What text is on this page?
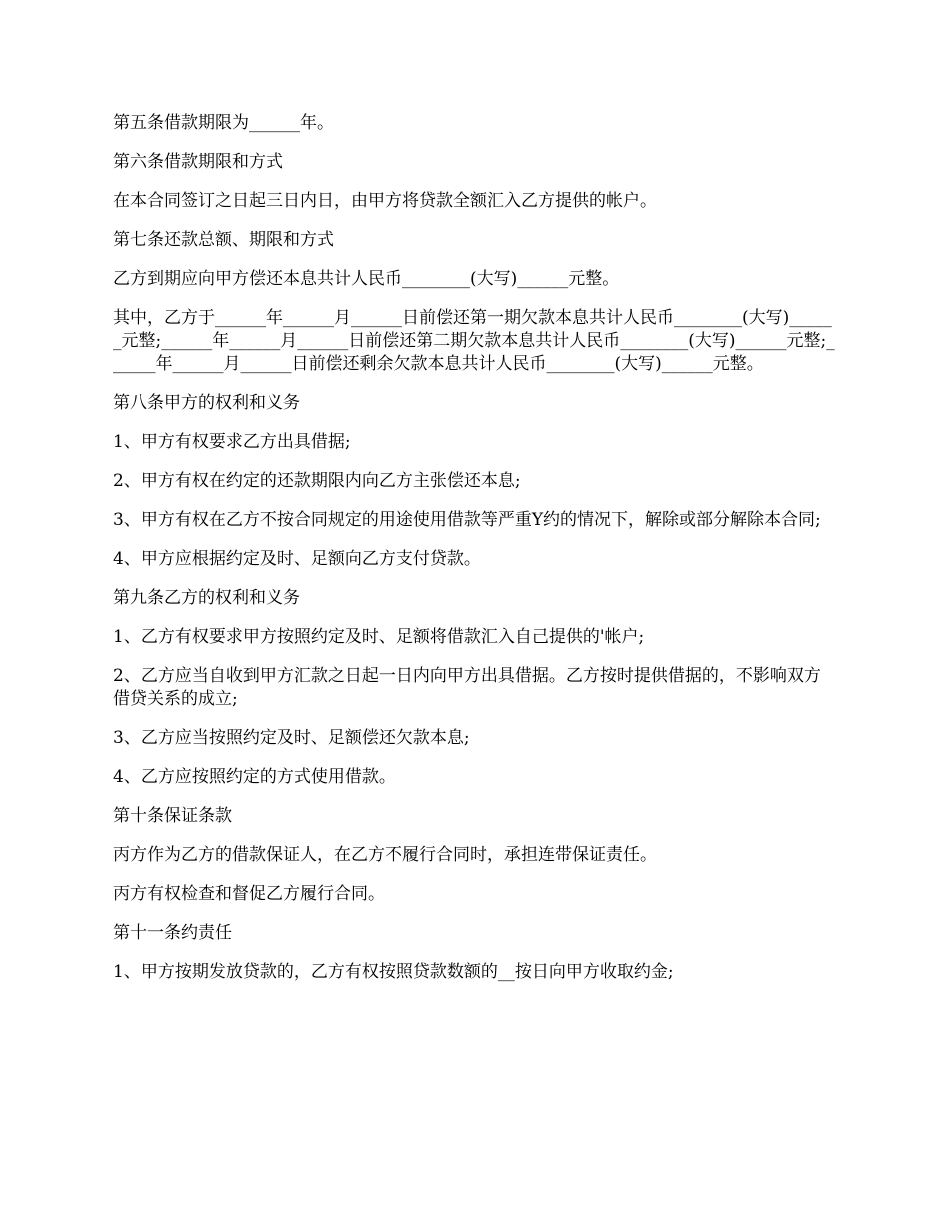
第五条借款期限为______年。

第六条借款期限和方式

在本合同签订之日起三日内日，由甲方将贷款全额汇入乙方提供的帐户。

第七条还款总额、期限和方式

乙方到期应向甲方偿还本息共计人民币________(大写)______元整。

其中，乙方于______年______月______日前偿还第一期欠款本息共计人民币________(大写)______元整;______年______月______日前偿还第二期欠款本息共计人民币________(大写)______元整;______年______月______日前偿还剩余欠款本息共计人民币________(大写)______元整。

第八条甲方的权利和义务

1、甲方有权要求乙方出具借据;

2、甲方有权在约定的还款期限内向乙方主张偿还本息;

3、甲方有权在乙方不按合同规定的用途使用借款等严重Y约的情况下，解除或部分解除本合同;

4、甲方应根据约定及时、足额向乙方支付贷款。

第九条乙方的权利和义务

1、乙方有权要求甲方按照约定及时、足额将借款汇入自己提供的'帐户;

2、乙方应当自收到甲方汇款之日起一日内向甲方出具借据。乙方按时提供借据的，不影响双方借贷关系的成立;

3、乙方应当按照约定及时、足额偿还欠款本息;

4、乙方应按照约定的方式使用借款。

第十条保证条款

丙方作为乙方的借款保证人，在乙方不履行合同时，承担连带保证责任。

丙方有权检查和督促乙方履行合同。

第十一条约责任

1、甲方按期发放贷款的，乙方有权按照贷款数额的__按日向甲方收取约金;
